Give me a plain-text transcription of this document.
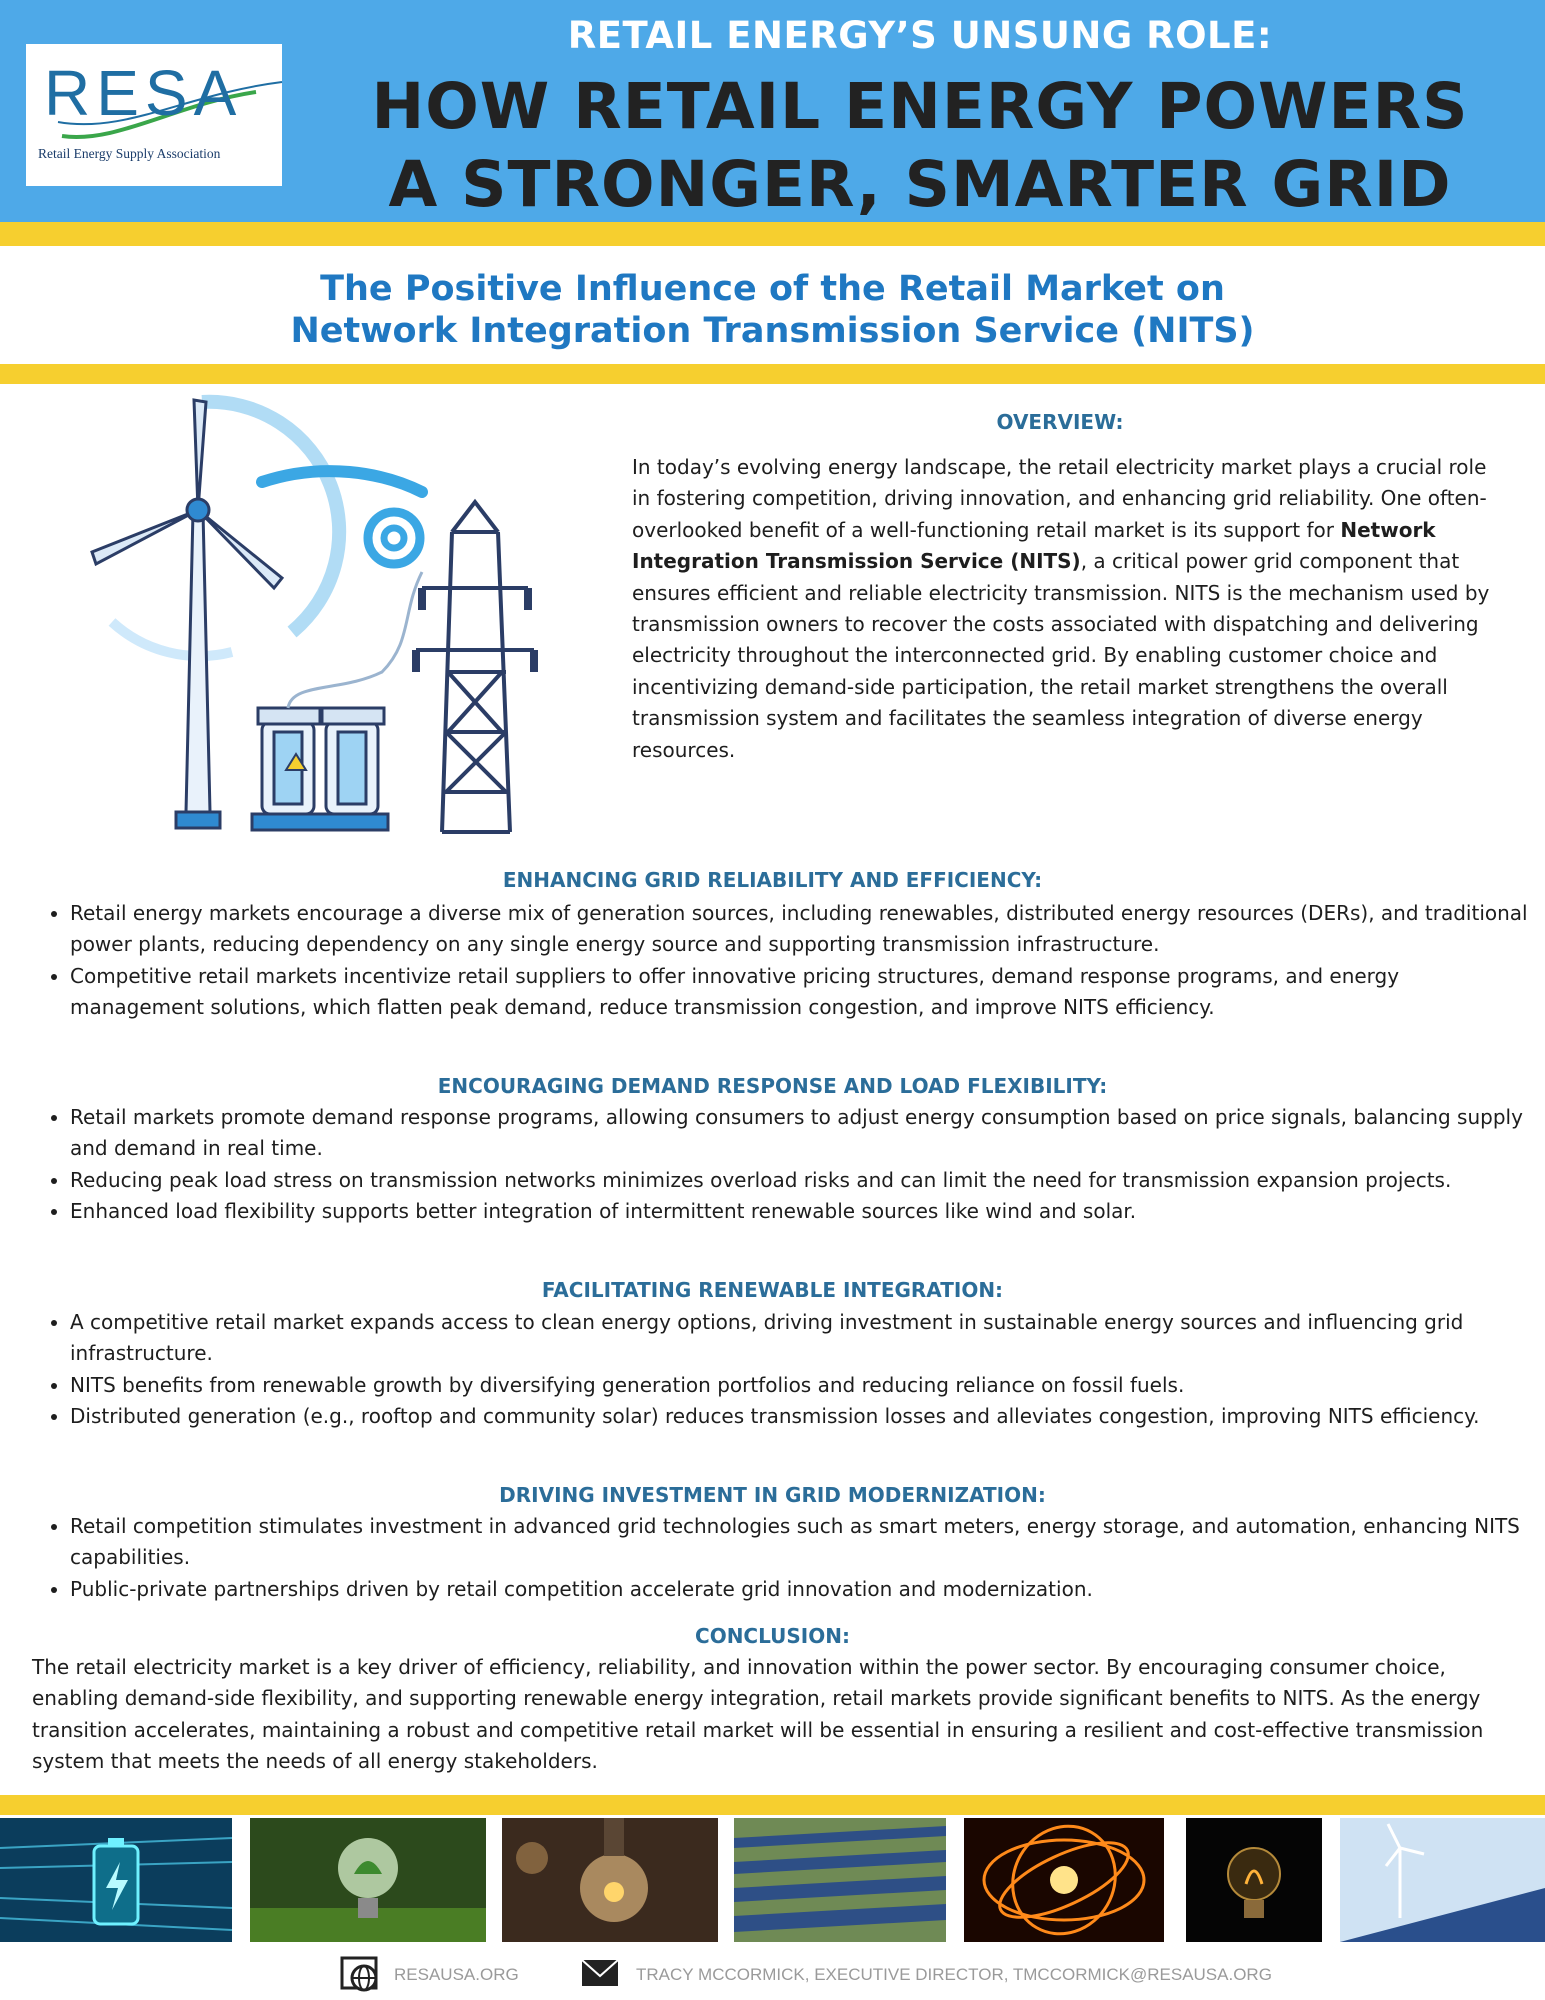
RESA
Retail Energy Supply Association
RETAIL ENERGY’S UNSUNG ROLE:
HOW RETAIL ENERGY POWERS
A STRONGER, SMARTER GRID
The Positive Influence of the Retail Market on
Network Integration Transmission Service (NITS)
OVERVIEW:
In today’s evolving energy landscape, the retail electricity market plays a crucial role in fostering competition, driving innovation, and enhancing grid reliability. One often-overlooked benefit of a well-functioning retail market is its support for Network Integration Transmission Service (NITS), a critical power grid component that ensures efficient and reliable electricity transmission. NITS is the mechanism used by transmission owners to recover the costs associated with dispatching and delivering electricity throughout the interconnected grid. By enabling customer choice and incentivizing demand-side participation, the retail market strengthens the overall transmission system and facilitates the seamless integration of diverse energy resources.
ENHANCING GRID RELIABILITY AND EFFICIENCY:
• Retail energy markets encourage a diverse mix of generation sources, including renewables, distributed energy resources (DERs), and traditional power plants, reducing dependency on any single energy source and supporting transmission infrastructure.
• Competitive retail markets incentivize retail suppliers to offer innovative pricing structures, demand response programs, and energy management solutions, which flatten peak demand, reduce transmission congestion, and improve NITS efficiency.
ENCOURAGING DEMAND RESPONSE AND LOAD FLEXIBILITY:
• Retail markets promote demand response programs, allowing consumers to adjust energy consumption based on price signals, balancing supply and demand in real time.
• Reducing peak load stress on transmission networks minimizes overload risks and can limit the need for transmission expansion projects.
• Enhanced load flexibility supports better integration of intermittent renewable sources like wind and solar.
FACILITATING RENEWABLE INTEGRATION:
• A competitive retail market expands access to clean energy options, driving investment in sustainable energy sources and influencing grid infrastructure.
• NITS benefits from renewable growth by diversifying generation portfolios and reducing reliance on fossil fuels.
• Distributed generation (e.g., rooftop and community solar) reduces transmission losses and alleviates congestion, improving NITS efficiency.
DRIVING INVESTMENT IN GRID MODERNIZATION:
• Retail competition stimulates investment in advanced grid technologies such as smart meters, energy storage, and automation, enhancing NITS capabilities.
• Public-private partnerships driven by retail competition accelerate grid innovation and modernization.
CONCLUSION:
The retail electricity market is a key driver of efficiency, reliability, and innovation within the power sector. By encouraging consumer choice, enabling demand-side flexibility, and supporting renewable energy integration, retail markets provide significant benefits to NITS. As the energy transition accelerates, maintaining a robust and competitive retail market will be essential in ensuring a resilient and cost-effective transmission system that meets the needs of all energy stakeholders.
RESAUSA.ORG	TRACY MCCORMICK, EXECUTIVE DIRECTOR, TMCCORMICK@RESAUSA.ORG
